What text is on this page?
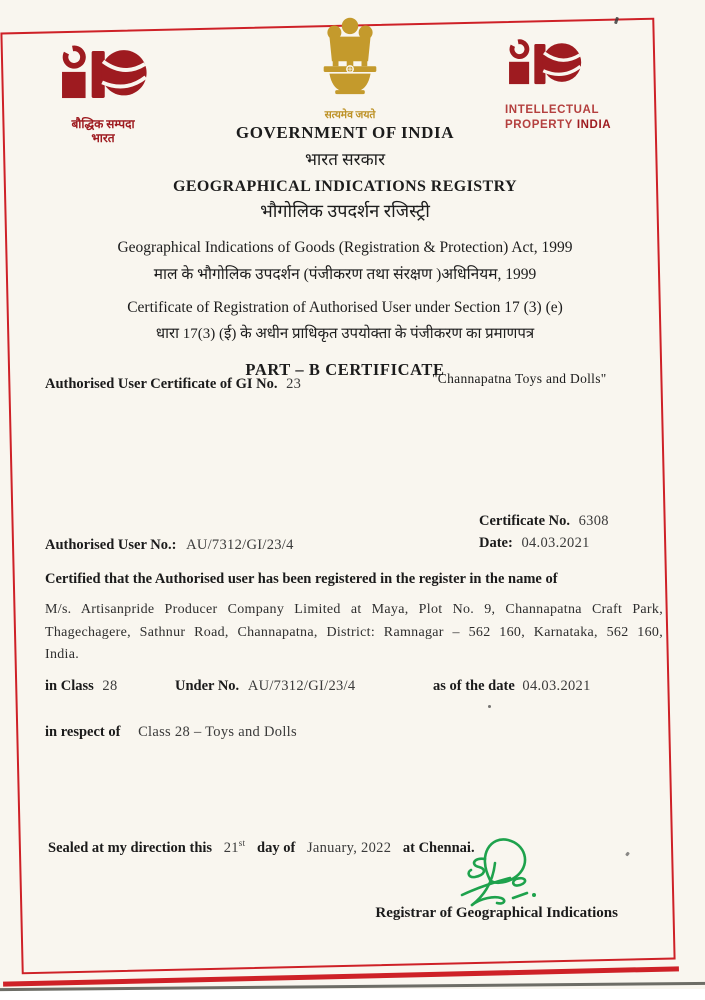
बौद्धिक सम्पदा
भारत
सत्यमेव जयते	INTELLECTUAL
PROPERTY INDIA
GOVERNMENT OF INDIA
भारत सरकार
GEOGRAPHICAL INDICATIONS REGISTRY
भौगोलिक उपदर्शन रजिस्ट्री
Geographical Indications of Goods (Registration & Protection) Act, 1999
माल के भौगोलिक उपदर्शन (पंजीकरण तथा संरक्षण )अधिनियम, 1999
Certificate of Registration of Authorised User under Section 17 (3) (e)
धारा 17(3) (ई) के अधीन प्राधिकृत उपयोक्ता के पंजीकरण का प्रमाणपत्र
PART – B CERTIFICATE
Authorised User Certificate of GI No. 23	"Channapatna Toys and Dolls"
Certificate No. 6308
Date: 04.03.2021
Authorised User No.: AU/7312/GI/23/4
Certified that the Authorised user has been registered in the register in the name of
M/s. Artisanpride Producer Company Limited at Maya, Plot No. 9, Channapatna Craft Park, Thagechagere, Sathnur Road, Channapatna, District: Ramnagar – 562 160, Karnataka, 562 160, India.
in Class 28	Under No. AU/7312/GI/23/4	as of the date 04.03.2021
in respect of Class 28 – Toys and Dolls
Sealed at my direction this 21st day of January, 2022 at Chennai.
Registrar of Geographical Indications
